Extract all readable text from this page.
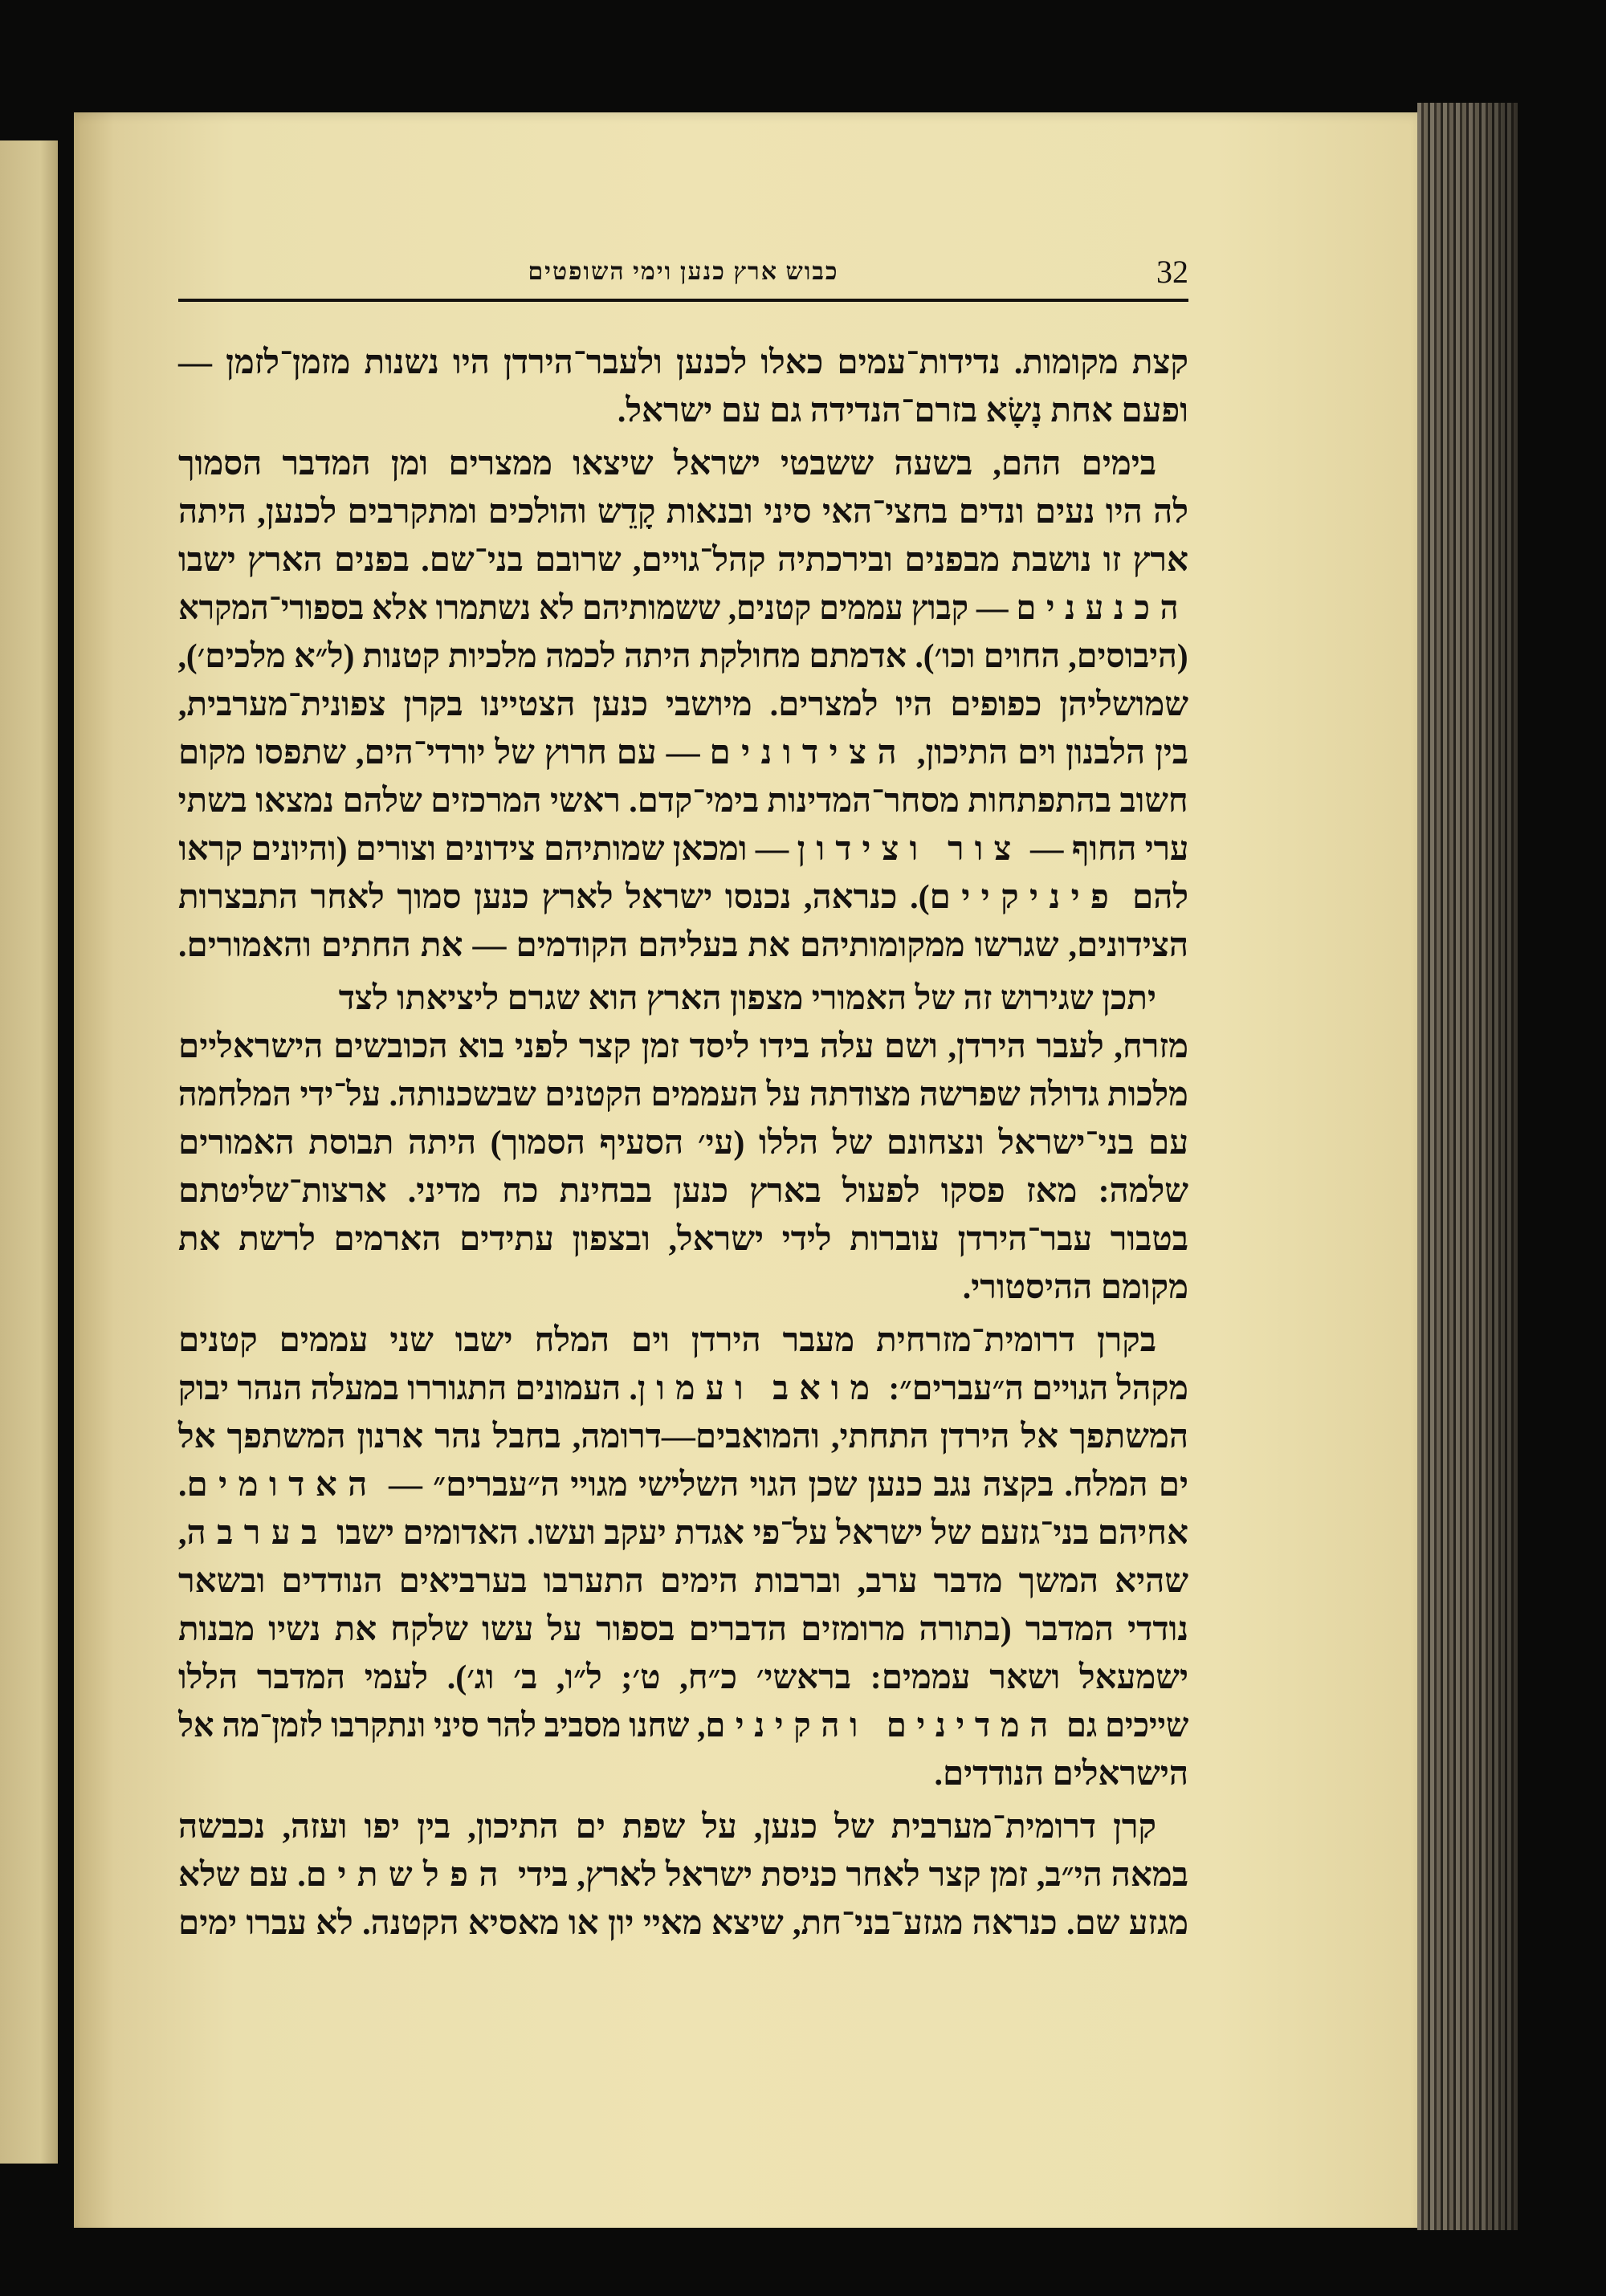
32
כבוש ארץ כנען וימי השופטים
קצת מקומות. נדידות־עמים כאלו לכנען ולעבר־הירדן היו נשנות מזמן־לזמן —
ופעם אחת נָשָׂא בזרם־הנדידה גם עם ישראל.
בימים ההם, בשעה ששבטי ישראל שיצאו ממצרים ומן המדבר הסמוך
לה היו נעים ונדים בחצי־האי סיני ובנאות קָדֵש והולכים ומתקרבים לכנען, היתה
ארץ זו נושבת מבפנים ובירכתיה קהל־גויים, שרובם בני־שם. בפנים הארץ ישבו
הכנענים — קבוץ עממים קטנים, ששמותיהם לא נשתמרו אלא בספורי־המקרא
(היבוסים, החוים וכו׳). אדמתם מחולקת היתה לכמה מלכיות קטנות (ל״א מלכים׳),
שמושליהן כפופים היו למצרים. מיושבי כנען הצטיינו בקרן צפונית־מערבית,
בין הלבנון וים התיכון, הצידונים — עם חרוץ של יורדי־הים, שתפסו מקום
חשוב בהתפתחות מסחר־המדינות בימי־קדם. ראשי המרכזים שלהם נמצאו בשתי
ערי החוף — צור וצידון — ומכאן שמותיהם צידונים וצורים (והיונים קראו
להם פיניקיים). כנראה, נכנסו ישראל לארץ כנען סמוך לאחר התבצרות
הצידונים, שגרשו ממקומותיהם את בעליהם הקודמים — את החתים והאמורים.
יתכן שגירוש זה של האמורי מצפון הארץ הוא שגרם ליציאתו לצד
מזרח, לעבר הירדן, ושם עלה בידו ליסד זמן קצר לפני בוא הכובשים הישראליים
מלכות גדולה שפרשה מצודתה על העממים הקטנים שבשכנותה. על־ידי המלחמה
עם בני־ישראל ונצחונם של הללו (עי׳ הסעיף הסמוך) היתה תבוסת האמורים
שלמה: מאז פסקו לפעול בארץ כנען בבחינת כח מדיני. ארצות־שליטתם
בטבור עבר־הירדן עוברות לידי ישראל, ובצפון עתידים הארמים לרשת את
מקומם ההיסטורי.
בקרן דרומית־מזרחית מעבר הירדן וים המלח ישבו שני עממים קטנים
מקהל הגויים ה״עברים״: מואב ועמון. העמונים התגוררו במעלה הנהר יבוק
המשתפך אל הירדן התחתי, והמואבים—דרומה, בחבל נהר ארנון המשתפך אל
ים המלח. בקצה נגב כנען שכן הגוי השלישי מגויי ה״עברים״ — האדומים.
אחיהם בני־גזעם של ישראל על־פי אגדת יעקב ועשו. האדומים ישבו בערבה,
שהיא המשך מדבר ערב, וברבות הימים התערבו בערביאים הנודדים ובשאר
נודדי המדבר (בתורה מרומזים הדברים בספור על עשו שלקח את נשיו מבנות
ישמעאל ושאר עממים: בראשי׳ כ״ח, ט׳; ל״ו, ב׳ וג׳). לעמי המדבר הללו
שייכים גם המדינים והקינים, שחנו מסביב להר סיני ונתקרבו לזמן־מה אל
הישראלים הנודדים.
קרן דרומית־מערבית של כנען, על שפת ים התיכון, בין יפו ועזה, נכבשה
במאה הי״ב, זמן קצר לאחר כניסת ישראל לארץ, בידי הפלשתים. עם שלא
מגזע שם. כנראה מגזע־בני־חת, שיצא מאיי יון או מאסיא הקטנה. לא עברו ימים
